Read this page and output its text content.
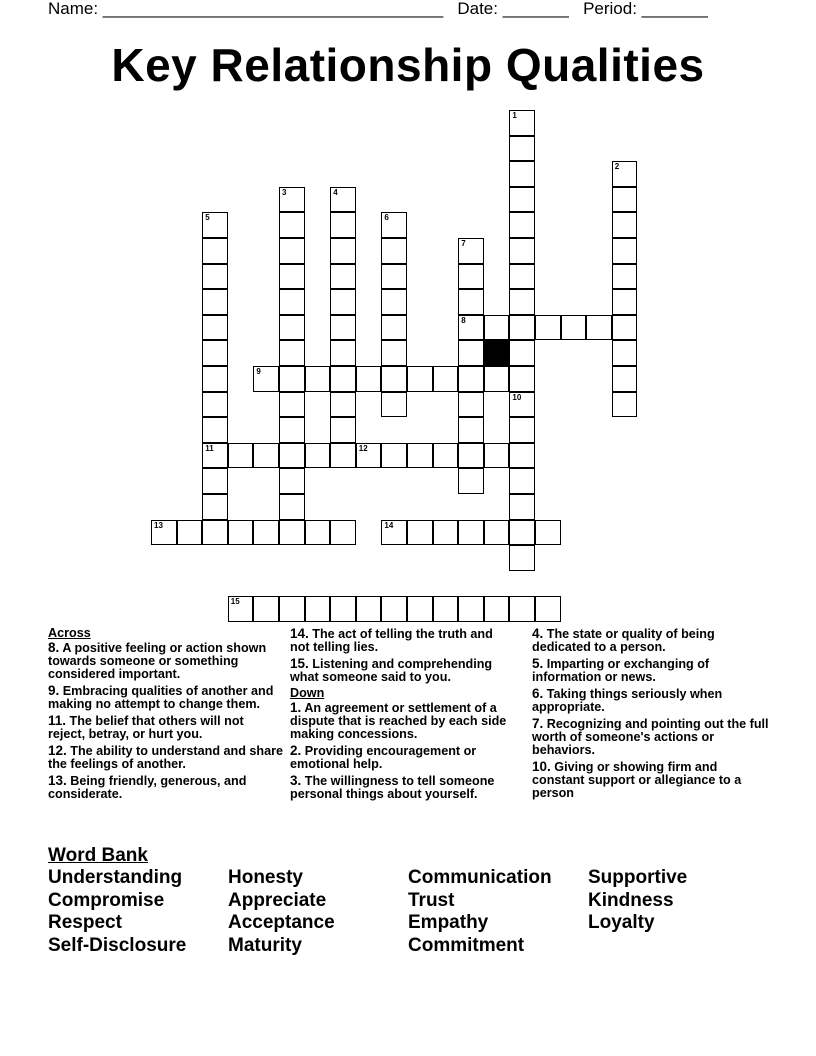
Name: ____________________________________ Date: _______ Period: _______
Key Relationship Qualities
1
10
2
3	4
5
11
6
7
8
9
12
13	14
15
Across
8. A positive feeling or action shown towards someone or something considered important.
9. Embracing qualities of another and making no attempt to change them.
11. The belief that others will not reject, betray, or hurt you.
12. The ability to understand and share the feelings of another.
13. Being friendly, generous, and considerate.
14. The act of telling the truth and not telling lies.
15. Listening and comprehending what someone said to you.
Down
1. An agreement or settlement of a dispute that is reached by each side making concessions.
2. Providing encouragement or emotional help.
3. The willingness to tell someone personal things about yourself.
4. The state or quality of being dedicated to a person.
5. Imparting or exchanging of information or news.
6. Taking things seriously when appropriate.
7. Recognizing and pointing out the full worth of someone's actions or behaviors.
10. Giving or showing firm and constant support or allegiance to a person
Word Bank
Understanding
Compromise
Respect
Self-Disclosure
Honesty
Appreciate
Acceptance
Maturity
Communication
Trust
Empathy
Commitment
Supportive
Kindness
Loyalty
